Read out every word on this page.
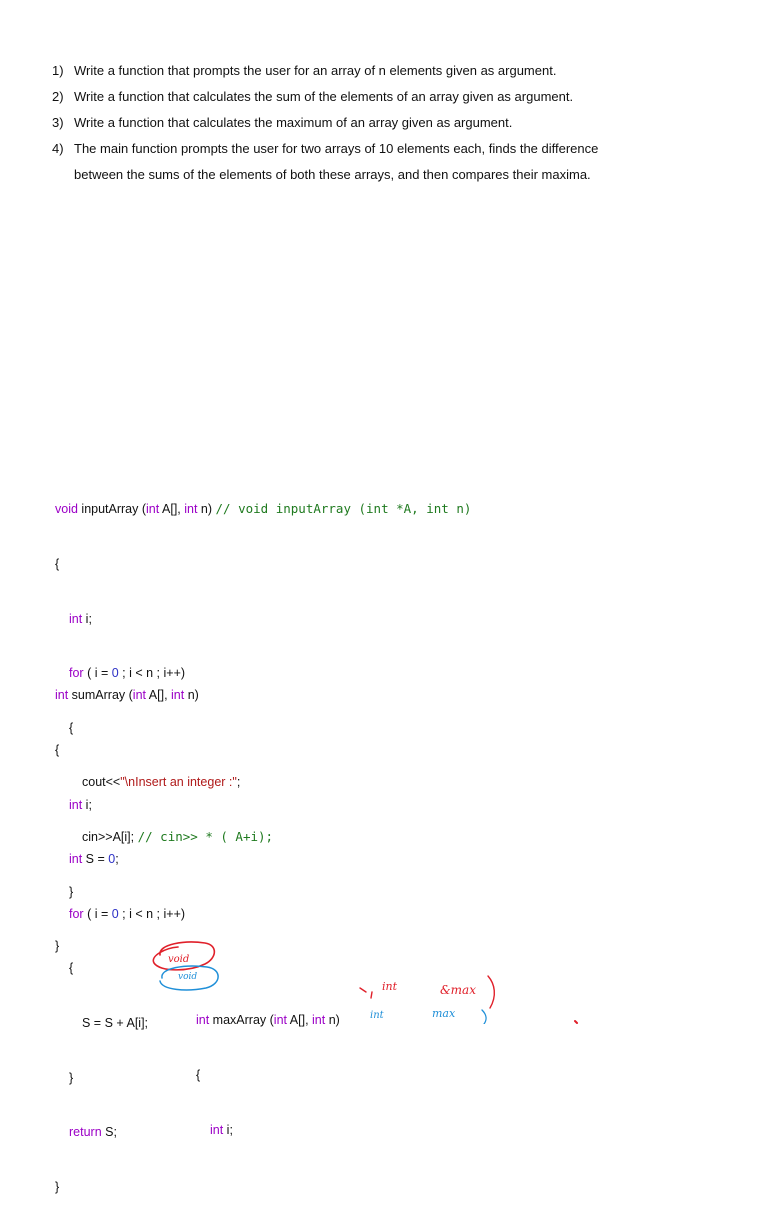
1) Write a function that prompts the user for an array of n elements given as argument.
2) Write a function that calculates the sum of the elements of an array given as argument.
3) Write a function that calculates the maximum of an array given as argument.
4) The main function prompts the user for two arrays of 10 elements each, finds the difference
between the sums of the elements of both these arrays, and then compares their maxima.

void inputArray (int A[], int n) // void inputArray (int *A, int n)

{

int i;

for ( i = 0 ; i < n ; i++)

{

cout<<"\nInsert an integer :";

cin>>A[i]; // cin>> * ( A+i);

}

}

int sumArray (int A[], int n)

{

int i;

int S = 0;

for ( i = 0 ; i < n ; i++)

{

S = S + A[i];

}

return S;

}

int maxArray (int A[], int n)

{

int i;

void
void
int	&max
int	max
